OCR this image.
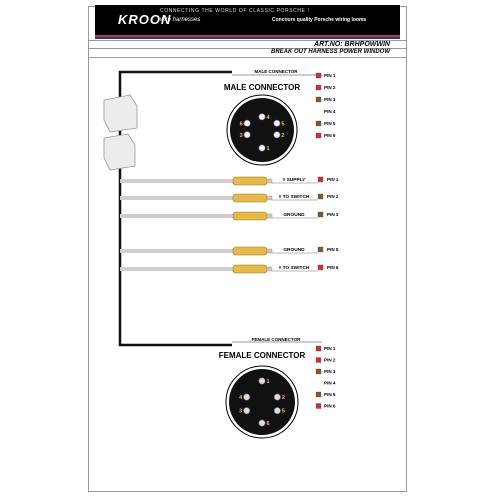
CONNECTING THE WORLD OF CLASSIC PORSCHE !
KROON
wire harnesses	Concours quality Porsche wiring looms
ART.NO: BRHPOWWIN
BREAK OUT HARNESS POWER WINDOW
MALE CONNECTOR
FEMALE CONNECTOR
PIN 1
PIN 2
PIN 3
PIN 4
PIN 5
PIN 6
PIN 1
PIN 2
PIN 3
PIN 4
PIN 5
PIN 6
MALE CONNECTOR
1
2
3
4
5
6
FEMALE CONNECTOR
1
2
3
4
5
6
# SUPPLY	PIN 1
# TO SWITCH	PIN 2
GROUND	PIN 3
GROUND	PIN 5
# TO SWITCH	PIN 6
